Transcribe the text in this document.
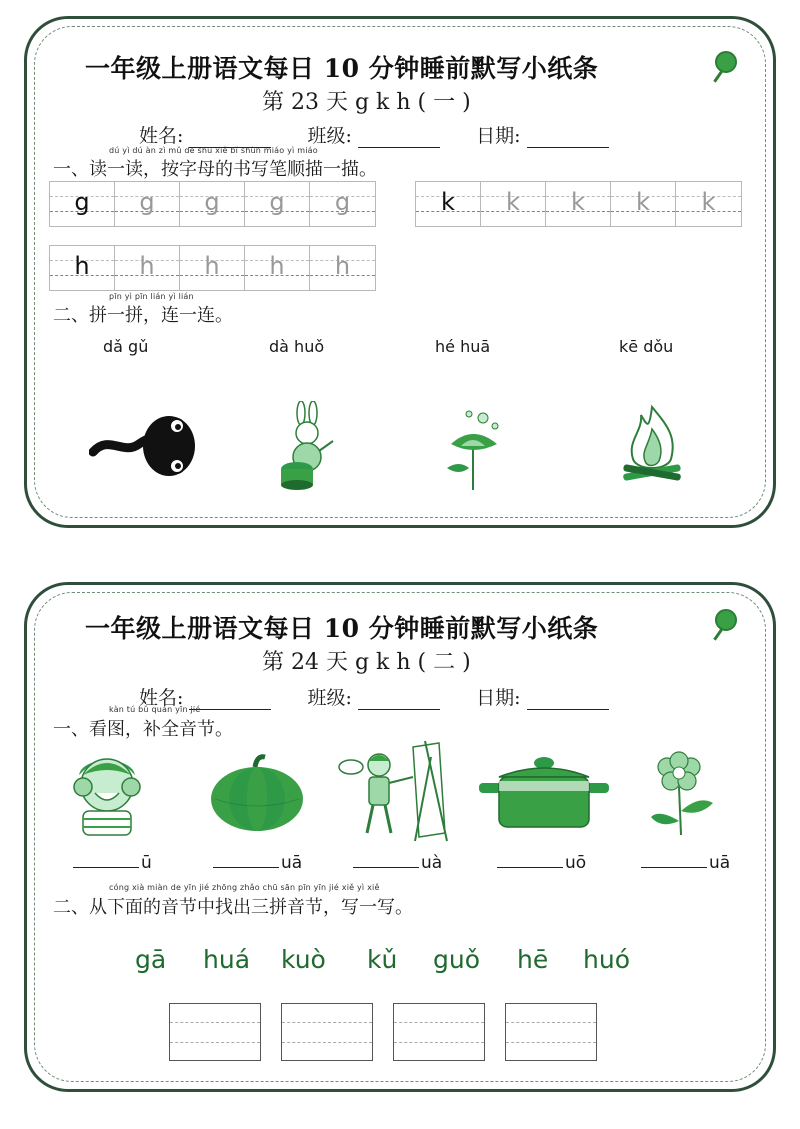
一年级上册语文每日 10 分钟睡前默写小纸条
第 23 天 g k h ( 一 )
姓名:	班级:	日期:
dú yì dú àn zì mǔ de shū xiě bǐ shùn miáo yì miáo
一、读一读，按字母的书写笔顺描一描。
g	g	g	g	g	k	k	k	k	k
h	h	h	h	h
pīn yì pīn lián yì lián
二、拼一拼，连一连。
dǎ gǔ	dà huǒ	hé huā	kē dǒu
一年级上册语文每日 10 分钟睡前默写小纸条
第 24 天 g k h ( 二 )
姓名:	班级:	日期:
kàn tú bǔ quán yīn jié
一、看图，补全音节。
ū	uā	uà	uō	uā
cóng xià miàn de yīn jié zhōng zhǎo chū sān pīn yīn jié xiě yì xiě
二、从下面的音节中找出三拼音节，写一写。
gā huá kuò kǔ guǒ hē huó
